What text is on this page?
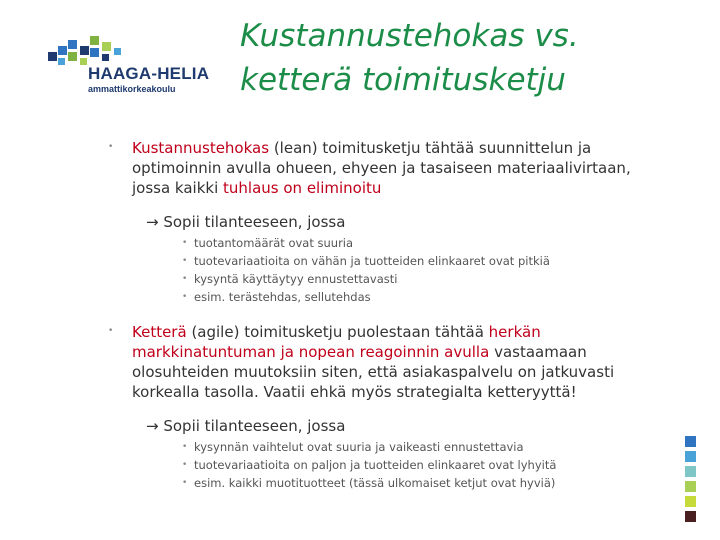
HAAGA-HELIA
ammattikorkeakoulu
Kustannustehokas vs.
ketterä toimitusketju
• Kustannustehokas (lean) toimitusketju tähtää suunnittelun ja optimoinnin avulla ohueen, ehyeen ja tasaiseen materiaalivirtaan, jossa kaikki tuhlaus on eliminoitu
→ Sopii tilanteeseen, jossa
• tuotantomäärät ovat suuria
• tuotevariaatioita on vähän ja tuotteiden elinkaaret ovat pitkiä
• kysyntä käyttäytyy ennustettavasti
• esim. terästehdas, sellutehdas
• Ketterä (agile) toimitusketju puolestaan tähtää herkän markkinatuntuman ja nopean reagoinnin avulla vastaamaan olosuhteiden muutoksiin siten, että asiakaspalvelu on jatkuvasti korkealla tasolla. Vaatii ehkä myös strategialta ketteryyttä!
→ Sopii tilanteeseen, jossa
• kysynnän vaihtelut ovat suuria ja vaikeasti ennustettavia
• tuotevariaatioita on paljon ja tuotteiden elinkaaret ovat lyhyitä
• esim. kaikki muotituotteet (tässä ulkomaiset ketjut ovat hyviä)
